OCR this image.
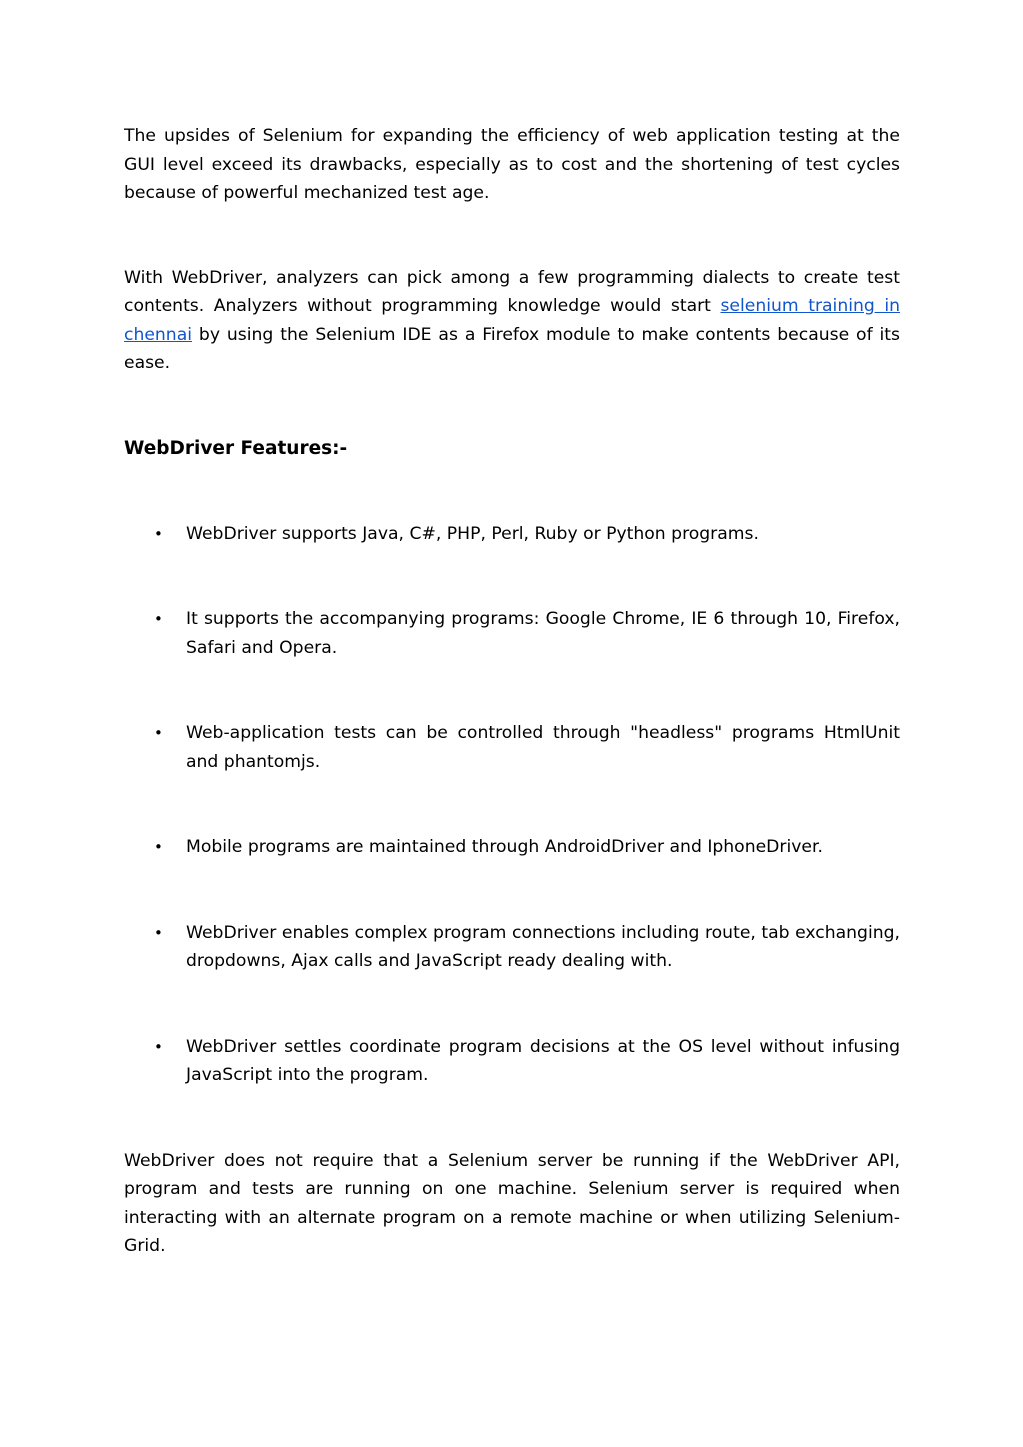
The upsides of Selenium for expanding the efficiency of web application testing at the GUI level exceed its drawbacks, especially as to cost and the shortening of test cycles because of powerful mechanized test age.

With WebDriver, analyzers can pick among a few programming dialects to create test contents. Analyzers without programming knowledge would start selenium training in chennai by using the Selenium IDE as a Firefox module to make contents because of its ease.

WebDriver Features:-
• WebDriver supports Java, C#, PHP, Perl, Ruby or Python programs.
• It supports the accompanying programs: Google Chrome, IE 6 through 10, Firefox, Safari and Opera.
• Web-application tests can be controlled through "headless" programs HtmlUnit and phantomjs.
• Mobile programs are maintained through AndroidDriver and IphoneDriver.
• WebDriver enables complex program connections including route, tab exchanging, dropdowns, Ajax calls and JavaScript ready dealing with.
• WebDriver settles coordinate program decisions at the OS level without infusing JavaScript into the program.

WebDriver does not require that a Selenium server be running if the WebDriver API, program and tests are running on one machine. Selenium server is required when interacting with an alternate program on a remote machine or when utilizing Selenium-Grid.
